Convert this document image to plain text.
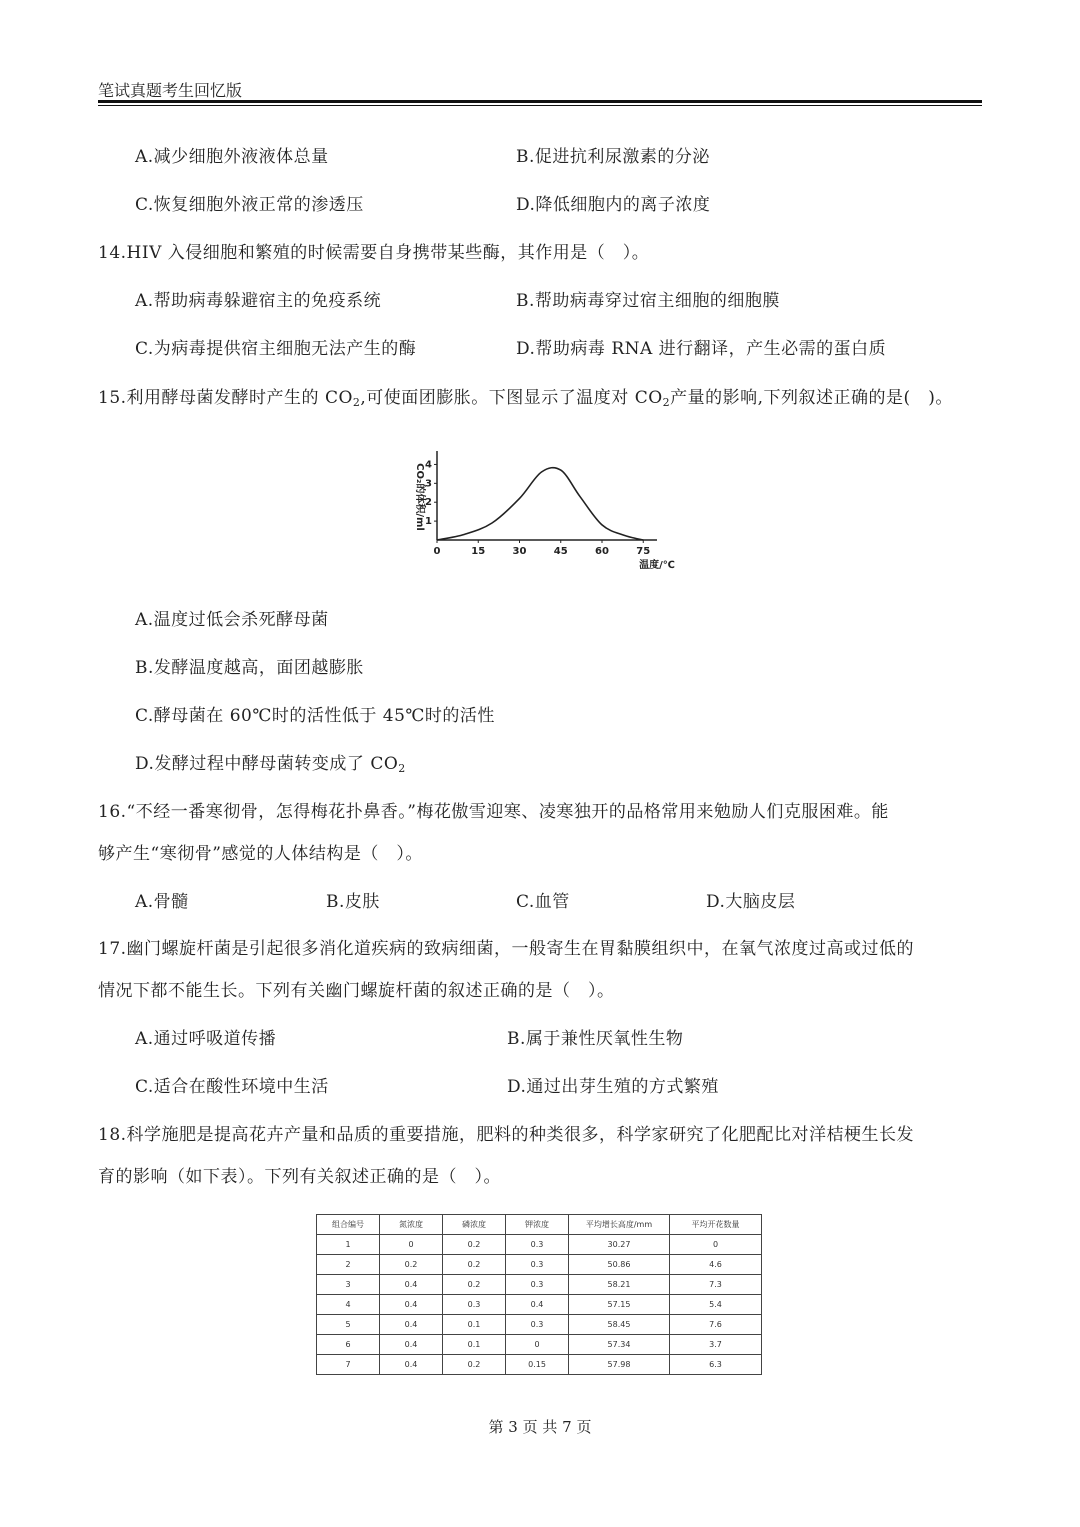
笔试真题考生回忆版
A.减少细胞外液液体总量	B.促进抗利尿激素的分泌
C.恢复细胞外液正常的渗透压	D.降低细胞内的离子浓度
14.HIV 入侵细胞和繁殖的时候需要自身携带某些酶，其作用是（　）。
A.帮助病毒躲避宿主的免疫系统	B.帮助病毒穿过宿主细胞的细胞膜
C.为病毒提供宿主细胞无法产生的酶	D.帮助病毒 RNA 进行翻译，产生必需的蛋白质
15.利用酵母菌发酵时产生的 $CO_2$,可使面团膨胀。下图显示了温度对 $CO_2$产量的影响,下列叙述正确的是(　)。
0	15	30	45	60	75
1
2
3
4
CO₂的体积/ml
温度/℃
A.温度过低会杀死酵母菌
B.发酵温度越高，面团越膨胀
C.酵母菌在 60℃时的活性低于 45℃时的活性
D.发酵过程中酵母菌转变成了 $CO_2$
16.“不经一番寒彻骨，怎得梅花扑鼻香。”梅花傲雪迎寒、凌寒独开的品格常用来勉励人们克服困难。能
够产生“寒彻骨”感觉的人体结构是（　）。
A.骨髓	B.皮肤	C.血管	D.大脑皮层
17.幽门螺旋杆菌是引起很多消化道疾病的致病细菌，一般寄生在胃黏膜组织中，在氧气浓度过高或过低的
情况下都不能生长。下列有关幽门螺旋杆菌的叙述正确的是（　）。
A.通过呼吸道传播	B.属于兼性厌氧性生物
C.适合在酸性环境中生活	D.通过出芽生殖的方式繁殖
18.科学施肥是提高花卉产量和品质的重要措施，肥料的种类很多，科学家研究了化肥配比对洋桔梗生长发
育的影响（如下表）。下列有关叙述正确的是（　）。
组合编号	氮浓度	磷浓度	钾浓度	平均增长高度/mm	平均开花数量
1	0	0.2	0.3	30.27	0
2	0.2	0.2	0.3	50.86	4.6
3	0.4	0.2	0.3	58.21	7.3
4	0.4	0.3	0.4	57.15	5.4
5	0.4	0.1	0.3	58.45	7.6
6	0.4	0.1	0	57.34	3.7
7	0.4	0.2	0.15	57.98	6.3
第 3 页 共 7 页
